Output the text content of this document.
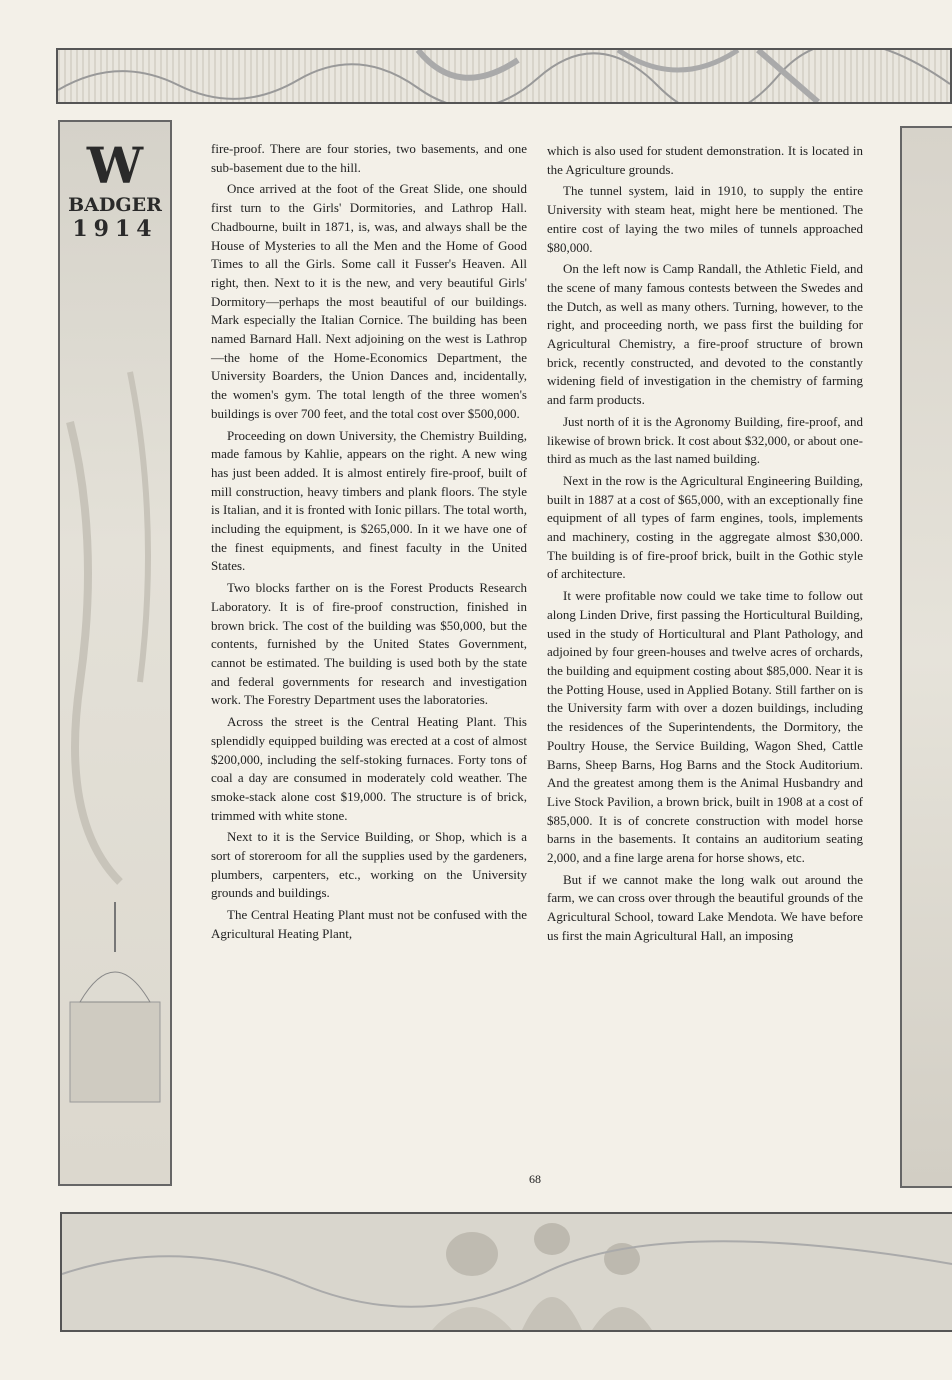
W
BADGER
1914

fire-proof. There are four stories, two basements, and one sub-basement due to the hill.

Once arrived at the foot of the Great Slide, one should first turn to the Girls' Dormitories, and Lathrop Hall. Chadbourne, built in 1871, is, was, and always shall be the House of Mysteries to all the Men and the Home of Good Times to all the Girls. Some call it Fusser's Heaven. All right, then. Next to it is the new, and very beautiful Girls' Dormitory—perhaps the most beautiful of our buildings. Mark especially the Italian Cornice. The building has been named Barnard Hall. Next adjoining on the west is Lathrop —the home of the Home-Economics Department, the University Boarders, the Union Dances and, incidentally, the women's gym. The total length of the three women's buildings is over 700 feet, and the total cost over $500,000.

Proceeding on down University, the Chemistry Building, made famous by Kahlie, appears on the right. A new wing has just been added. It is almost entirely fire-proof, built of mill construction, heavy timbers and plank floors. The style is Italian, and it is fronted with Ionic pillars. The total worth, including the equipment, is $265,000. In it we have one of the finest equipments, and finest faculty in the United States.

Two blocks farther on is the Forest Products Research Laboratory. It is of fire-proof construction, finished in brown brick. The cost of the building was $50,000, but the contents, furnished by the United States Government, cannot be estimated. The building is used both by the state and federal governments for research and investigation work. The Forestry Department uses the laboratories.

Across the street is the Central Heating Plant. This splendidly equipped building was erected at a cost of almost $200,000, including the self-stoking furnaces. Forty tons of coal a day are consumed in moderately cold weather. The smoke-stack alone cost $19,000. The structure is of brick, trimmed with white stone.

Next to it is the Service Building, or Shop, which is a sort of storeroom for all the supplies used by the gardeners, plumbers, carpenters, etc., working on the University grounds and buildings.

The Central Heating Plant must not be confused with the Agricultural Heating Plant,

which is also used for student demonstration. It is located in the Agriculture grounds.

The tunnel system, laid in 1910, to supply the entire University with steam heat, might here be mentioned. The entire cost of laying the two miles of tunnels approached $80,000.

On the left now is Camp Randall, the Athletic Field, and the scene of many famous contests between the Swedes and the Dutch, as well as many others. Turning, however, to the right, and proceeding north, we pass first the building for Agricultural Chemistry, a fire-proof structure of brown brick, recently constructed, and devoted to the constantly widening field of investigation in the chemistry of farming and farm products.

Just north of it is the Agronomy Building, fire-proof, and likewise of brown brick. It cost about $32,000, or about one-third as much as the last named building.

Next in the row is the Agricultural Engineering Building, built in 1887 at a cost of $65,000, with an exceptionally fine equipment of all types of farm engines, tools, implements and machinery, costing in the aggregate almost $30,000. The building is of fire-proof brick, built in the Gothic style of architecture.

It were profitable now could we take time to follow out along Linden Drive, first passing the Horticultural Building, used in the study of Horticultural and Plant Pathology, and adjoined by four green-houses and twelve acres of orchards, the building and equipment costing about $85,000. Near it is the Potting House, used in Applied Botany. Still farther on is the University farm with over a dozen buildings, including the residences of the Superintendents, the Dormitory, the Poultry House, the Service Building, Wagon Shed, Cattle Barns, Sheep Barns, Hog Barns and the Stock Auditorium. And the greatest among them is the Animal Husbandry and Live Stock Pavilion, a brown brick, built in 1908 at a cost of $85,000. It is of concrete construction with model horse barns in the basements. It contains an auditorium seating 2,000, and a fine large arena for horse shows, etc.

But if we cannot make the long walk out around the farm, we can cross over through the beautiful grounds of the Agricultural School, toward Lake Mendota. We have before us first the main Agricultural Hall, an imposing

68
